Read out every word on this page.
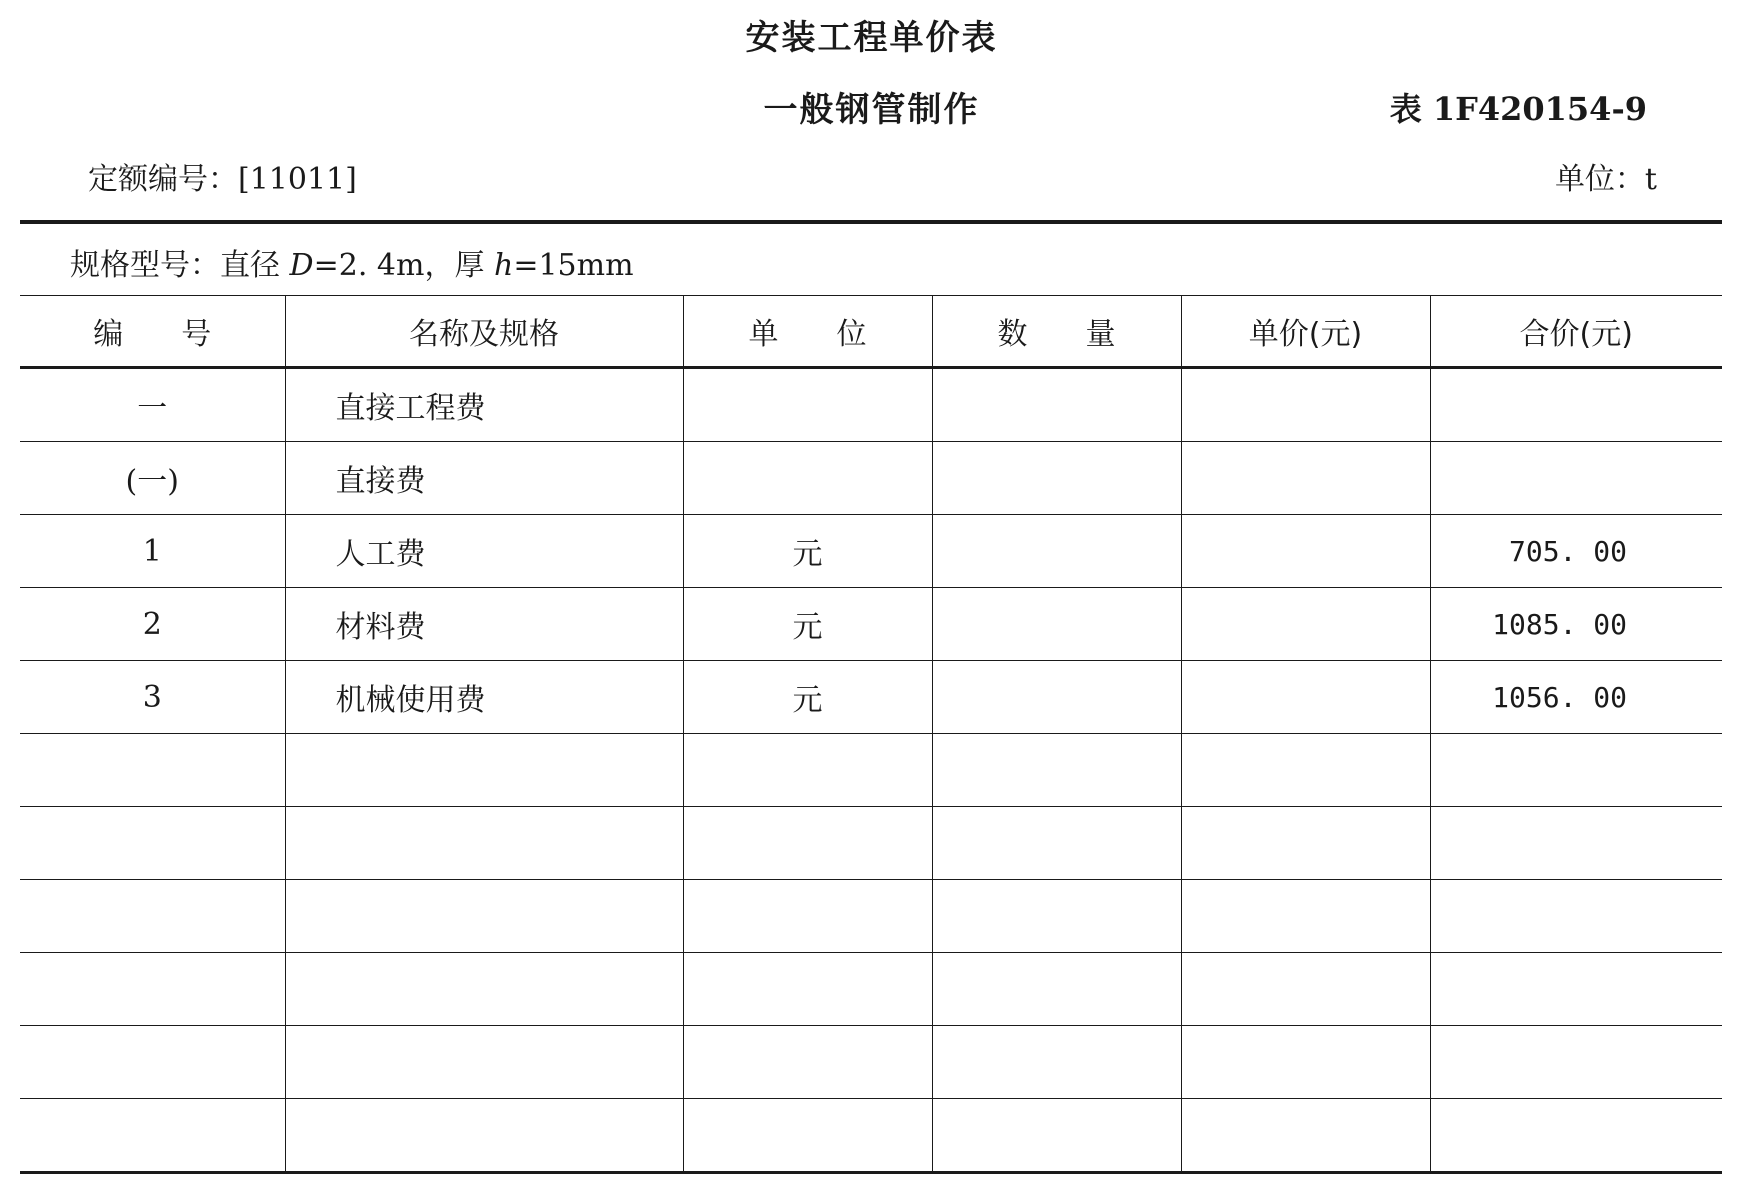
安装工程单价表
一般钢管制作	表 1F420154-9
定额编号：[11011]	单位：t
规格型号：直径 D=2. 4m，厚 h=15mm
编号	名称及规格	单位	数量	单价(元)	合价(元)
一	直接工程费				
(一)	直接费				
1	人工费	元			705. 00
2	材料费	元			1085. 00
3	机械使用费	元			1056. 00
